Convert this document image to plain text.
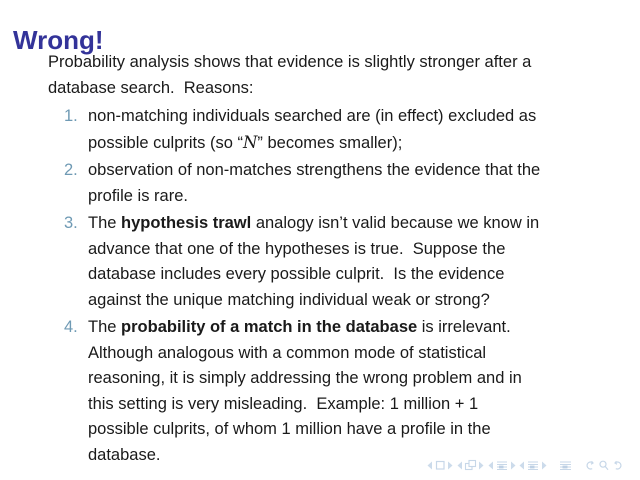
Wrong!
Probability analysis shows that evidence is slightly stronger after a
database search.  Reasons:
1. non-matching individuals searched are (in effect) excluded as
possible culprits (so “N” becomes smaller);
2. observation of non-matches strengthens the evidence that the
profile is rare.
3. The hypothesis trawl analogy isn’t valid because we know in
advance that one of the hypotheses is true.  Suppose the
database includes every possible culprit.  Is the evidence
against the unique matching individual weak or strong?
4. The probability of a match in the database is irrelevant.
Although analogous with a common mode of statistical
reasoning, it is simply addressing the wrong problem and in
this setting is very misleading.  Example: 1 million + 1
possible culprits, of whom 1 million have a profile in the
database.
